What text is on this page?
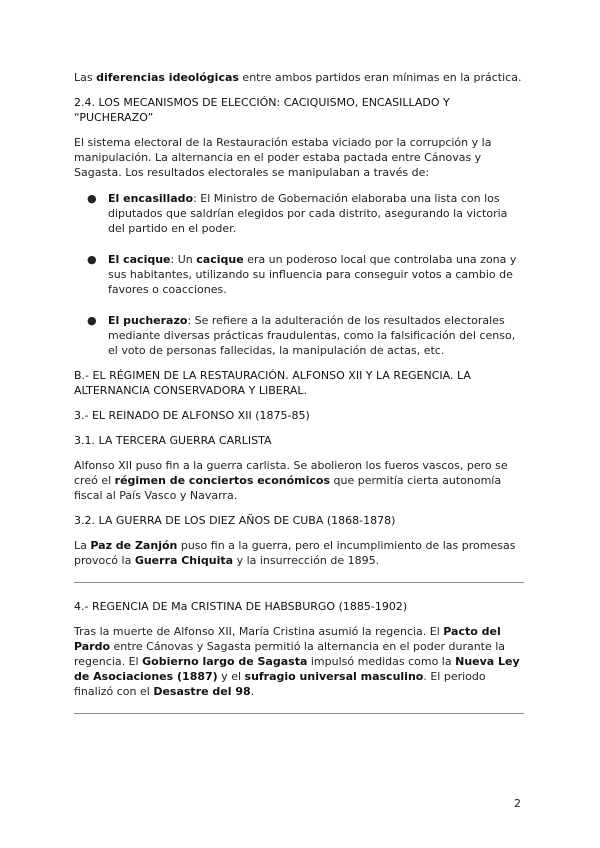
Las diferencias ideológicas entre ambos partidos eran mínimas en la práctica.

2.4. LOS MECANISMOS DE ELECCIÓN: CACIQUISMO, ENCASILLADO Y “PUCHERAZO”

El sistema electoral de la Restauración estaba viciado por la corrupción y la manipulación. La alternancia en el poder estaba pactada entre Cánovas y Sagasta. Los resultados electorales se manipulaban a través de:

● El encasillado: El Ministro de Gobernación elaboraba una lista con los diputados que saldrían elegidos por cada distrito, asegurando la victoria del partido en el poder.
● El cacique: Un cacique era un poderoso local que controlaba una zona y sus habitantes, utilizando su influencia para conseguir votos a cambio de favores o coacciones.
● El pucherazo: Se refiere a la adulteración de los resultados electorales mediante diversas prácticas fraudulentas, como la falsificación del censo, el voto de personas fallecidas, la manipulación de actas, etc.
B.- EL RÉGIMEN DE LA RESTAURACIÓN. ALFONSO XII Y LA REGENCIA. LA ALTERNANCIA CONSERVADORA Y LIBERAL.
3.- EL REINADO DE ALFONSO XII (1875-85)
3.1. LA TERCERA GUERRA CARLISTA

Alfonso XII puso fin a la guerra carlista. Se abolieron los fueros vascos, pero se creó el régimen de conciertos económicos que permitía cierta autonomía fiscal al País Vasco y Navarra.

3.2. LA GUERRA DE LOS DIEZ AÑOS DE CUBA (1868-1878)

La Paz de Zanjón puso fin a la guerra, pero el incumplimiento de las promesas provocó la Guerra Chiquita y la insurrección de 1895.

4.- REGENCIA DE Ma CRISTINA DE HABSBURGO (1885-1902)

Tras la muerte de Alfonso XII, María Cristina asumió la regencia. El Pacto del Pardo entre Cánovas y Sagasta permitió la alternancia en el poder durante la regencia. El Gobierno largo de Sagasta impulsó medidas como la Nueva Ley de Asociaciones (1887) y el sufragio universal masculino. El periodo finalizó con el Desastre del 98.

2
